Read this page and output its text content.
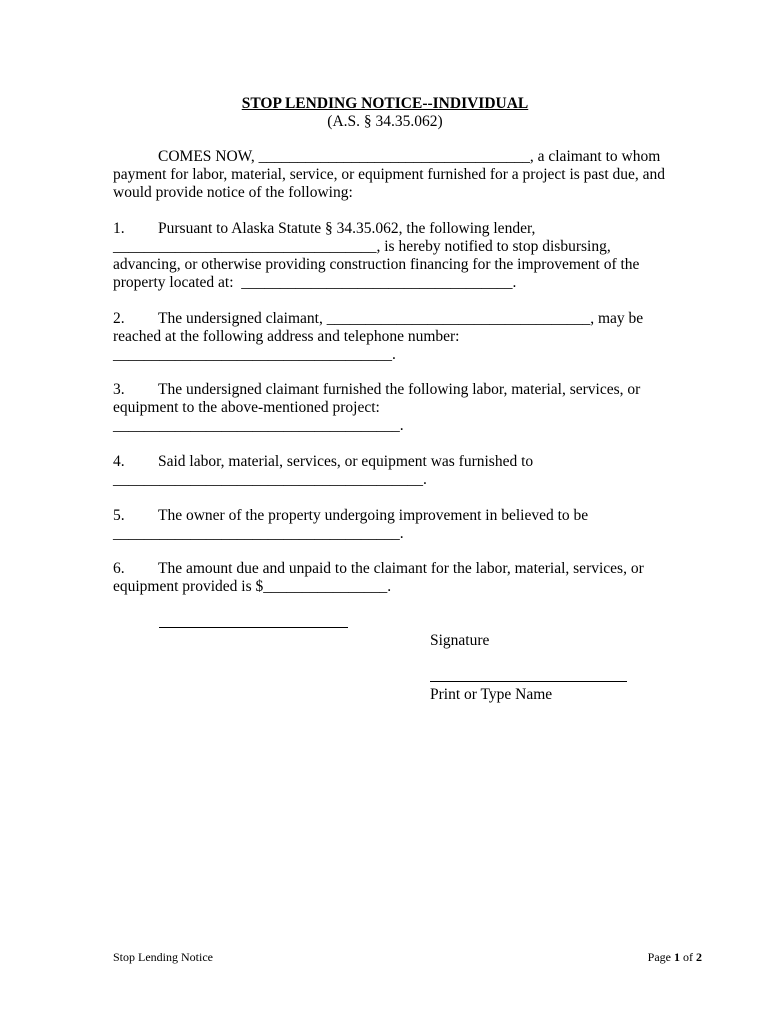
STOP LENDING NOTICE--INDIVIDUAL
(A.S. § 34.35.062)
COMES NOW, ___________________________________, a claimant to whom
payment for labor, material, service, or equipment furnished for a project is past due, and
would provide notice of the following:
1. Pursuant to Alaska Statute § 34.35.062, the following lender,
__________________________________, is hereby notified to stop disbursing,
advancing, or otherwise providing construction financing for the improvement of the
property located at:  ___________________________________.
2. The undersigned claimant, __________________________________, may be
reached at the following address and telephone number:
____________________________________.
3. The undersigned claimant furnished the following labor, material, services, or
equipment to the above-mentioned project:
_____________________________________.
4. Said labor, material, services, or equipment was furnished to
________________________________________.
5. The owner of the property undergoing improvement in believed to be
_____________________________________.
6. The amount due and unpaid to the claimant for the labor, material, services, or
equipment provided is $________________.
Signature
Print or Type Name
Stop Lending Notice	Page 1 of 2
